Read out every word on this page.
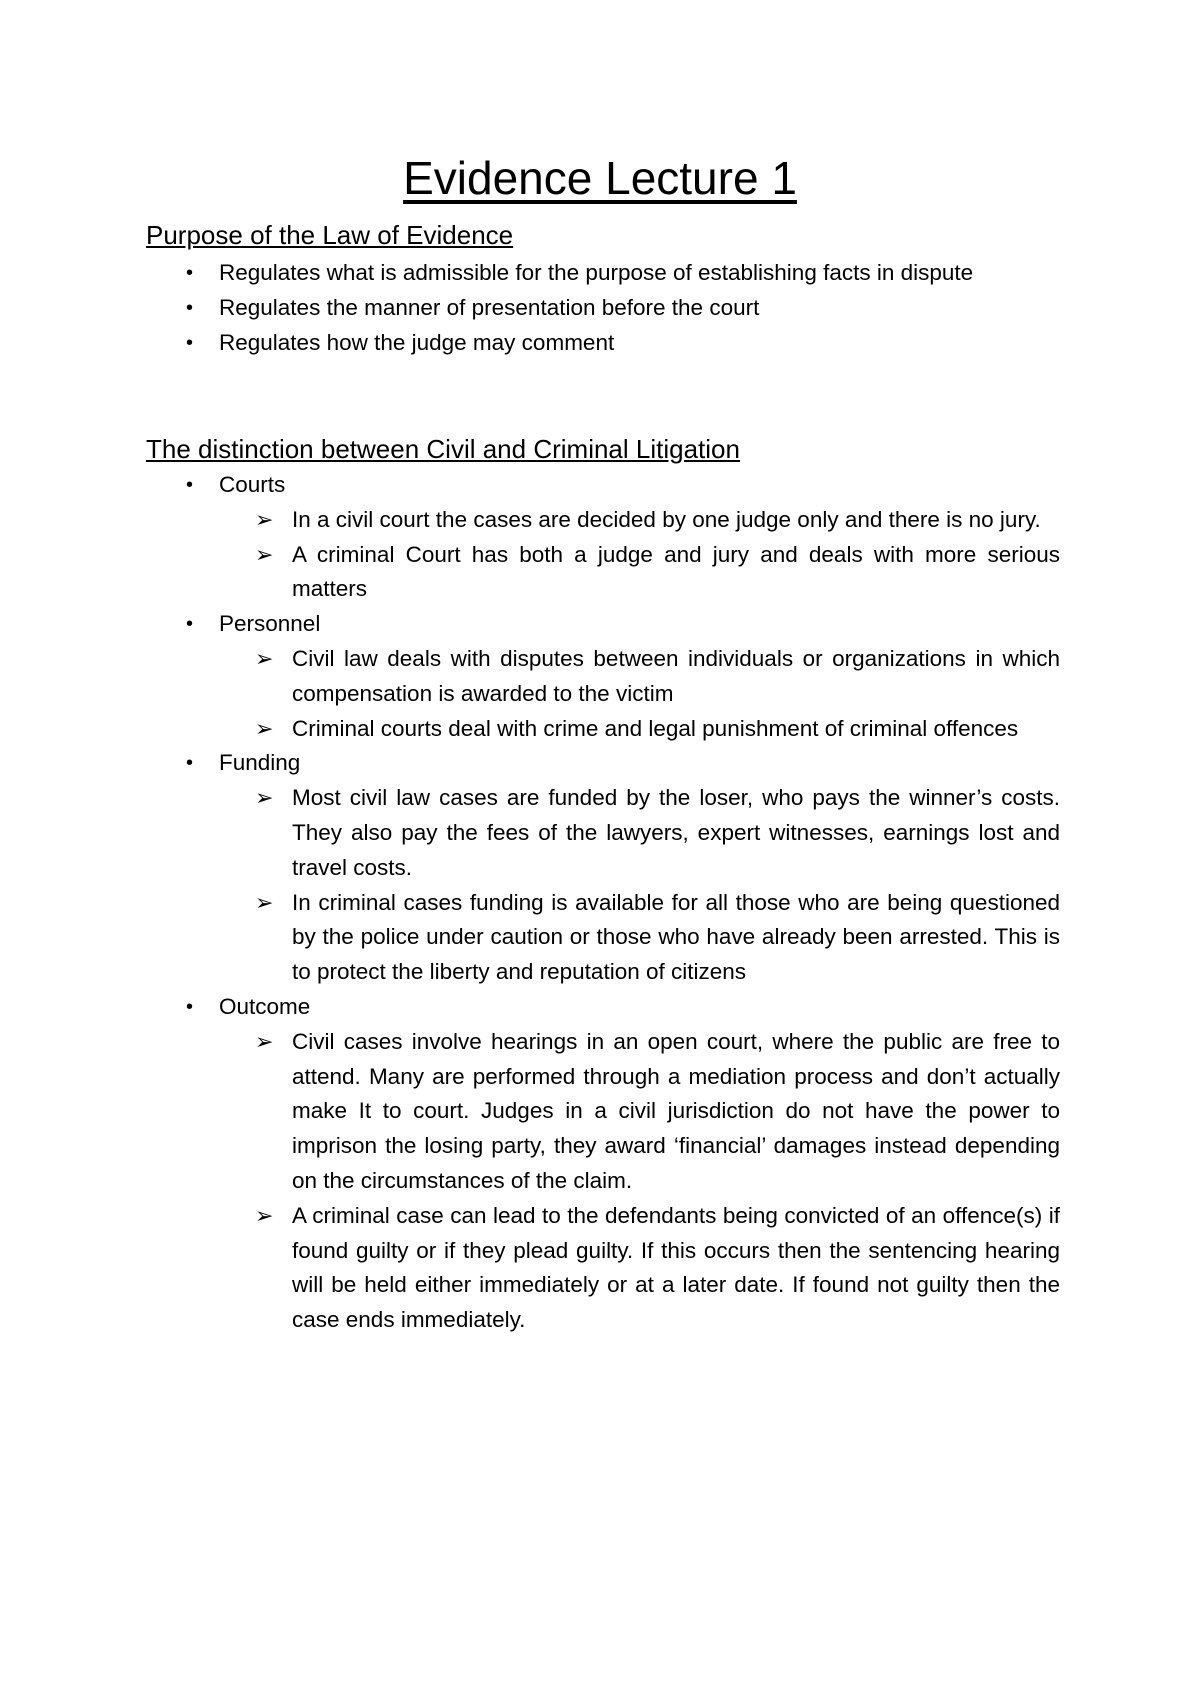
Evidence Lecture 1
Purpose of the Law of Evidence
• Regulates what is admissible for the purpose of establishing facts in dispute
• Regulates the manner of presentation before the court
• Regulates how the judge may comment
The distinction between Civil and Criminal Litigation
• Courts
➢ In a civil court the cases are decided by one judge only and there is no jury.
➢ A criminal Court has both a judge and jury and deals with more serious matters
• Personnel
➢ Civil law deals with disputes between individuals or organizations in which compensation is awarded to the victim
➢ Criminal courts deal with crime and legal punishment of criminal offences
• Funding
➢ Most civil law cases are funded by the loser, who pays the winner’s costs. They also pay the fees of the lawyers, expert witnesses, earnings lost and travel costs.
➢ In criminal cases funding is available for all those who are being questioned by the police under caution or those who have already been arrested. This is to protect the liberty and reputation of citizens
• Outcome
➢ Civil cases involve hearings in an open court, where the public are free to attend. Many are performed through a mediation process and don’t actually make It to court. Judges in a civil jurisdiction do not have the power to imprison the losing party, they award ‘financial’ damages instead depending on the circumstances of the claim.
➢ A criminal case can lead to the defendants being convicted of an offence(s) if found guilty or if they plead guilty. If this occurs then the sentencing hearing will be held either immediately or at a later date. If found not guilty then the case ends immediately.
